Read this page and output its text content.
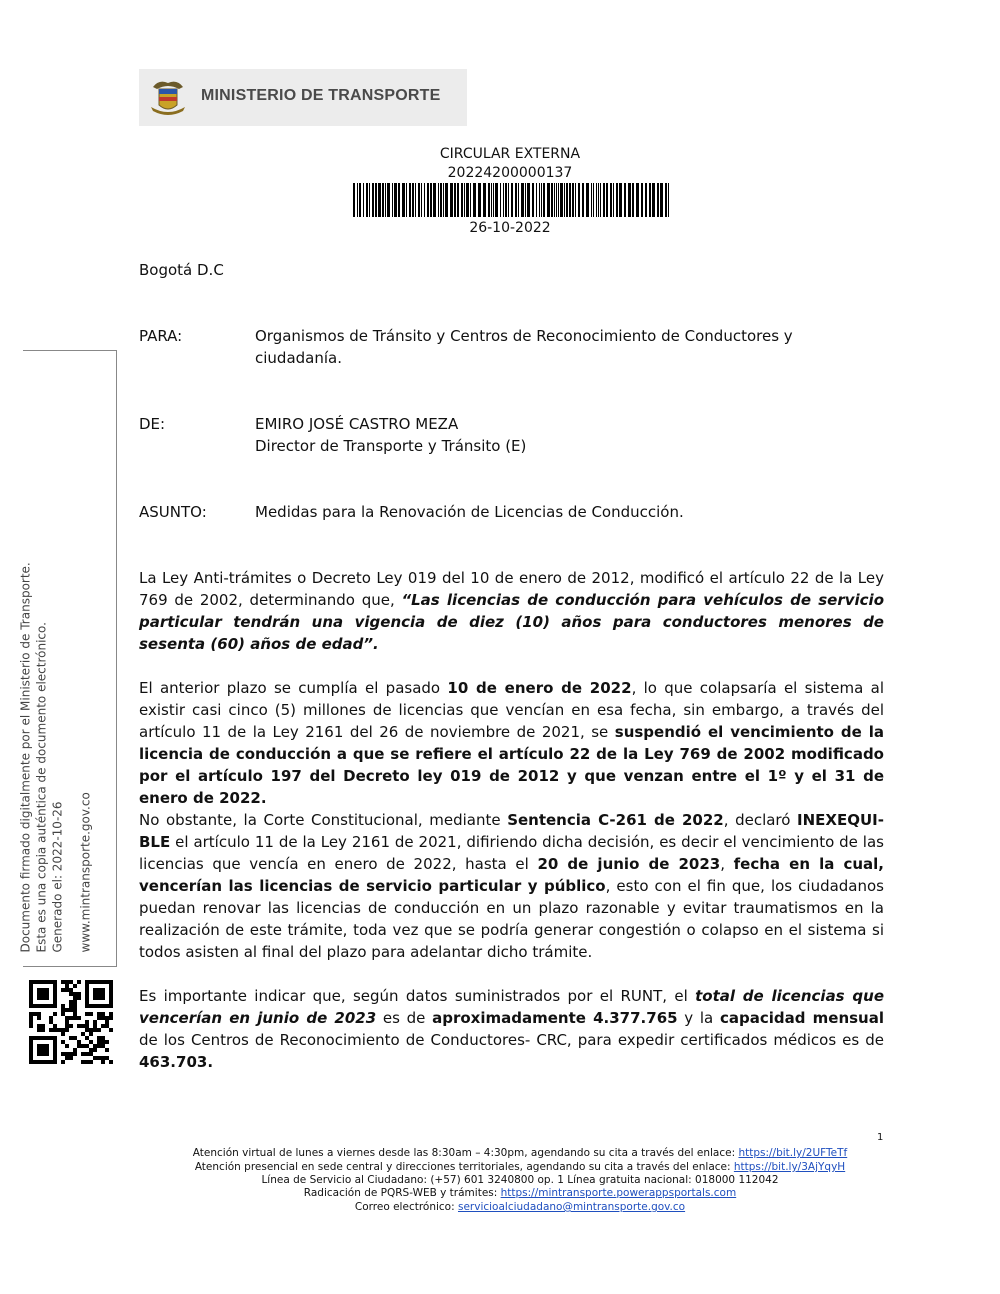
MINISTERIO DE TRANSPORTE
CIRCULAR EXTERNA
20224200000137
26-10-2022
Bogotá D.C
PARA:	Organismos de Tránsito y Centros de Reconocimiento de Conductores y
ciudadanía.
DE:	EMIRO JOSÉ CASTRO MEZA
Director de Transporte y Tránsito (E)
ASUNTO:	Medidas para la Renovación de Licencias de Conducción.

La Ley Anti-trámites o Decreto Ley 019 del 10 de enero de 2012, modificó el artículo 22 de la Ley 769 de 2002, determinando que, “Las licencias de conducción para vehículos de servicio particular tendrán una vigencia de diez (10) años para conductores menores de sesenta (60) años de edad”.

El anterior plazo se cumplía el pasado 10 de enero de 2022, lo que colapsaría el sistema al existir casi cinco (5) millones de licencias que vencían en esa fecha, sin embargo, a través del artículo 11 de la Ley 2161 del 26 de noviembre de 2021, se suspendió el vencimiento de la licencia de conducción a que se refiere el artículo 22 de la Ley 769 de 2002 modificado por el artículo 197 del Decreto ley 019 de 2012 y que venzan entre el 1º y el 31 de enero de 2022.

No obstante, la Corte Constitucional, mediante Sentencia C-261 de 2022, declaró INEXEQUI-BLE el artículo 11 de la Ley 2161 de 2021, difiriendo dicha decisión, es decir el vencimiento de las licencias que vencía en enero de 2022, hasta el 20 de junio de 2023, fecha en la cual, vencerían las licencias de servicio particular y público, esto con el fin que, los ciudadanos puedan renovar las licencias de conducción en un plazo razonable y evitar traumatismos en la realización de este trámite, toda vez que se podría generar congestión o colapso en el sistema si todos asisten al final del plazo para adelantar dicho trámite.

Es importante indicar que, según datos suministrados por el RUNT, el total de licencias que vencerían en junio de 2023 es de aproximadamente 4.377.765 y la capacidad mensual de los Centros de Reconocimiento de Conductores- CRC, para expedir certificados médicos es de 463.703.

Documento firmado digitalmente por el Ministerio de Transporte. Esta es una copia auténtica de documento electrónico. Generado el: 2022-10-26 www.mintransporte.gov.co
1
Atención virtual de lunes a viernes desde las 8:30am – 4:30pm, agendando su cita a través del enlace: https://bit.ly/2UFTeTf
Atención presencial en sede central y direcciones territoriales, agendando su cita a través del enlace: https://bit.ly/3AjYqyH
Línea de Servicio al Ciudadano: (+57) 601 3240800 op. 1 Línea gratuita nacional: 018000 112042
Radicación de PQRS-WEB y trámites: https://mintransporte.powerappsportals.com
Correo electrónico: servicioalciudadano@mintransporte.gov.co
